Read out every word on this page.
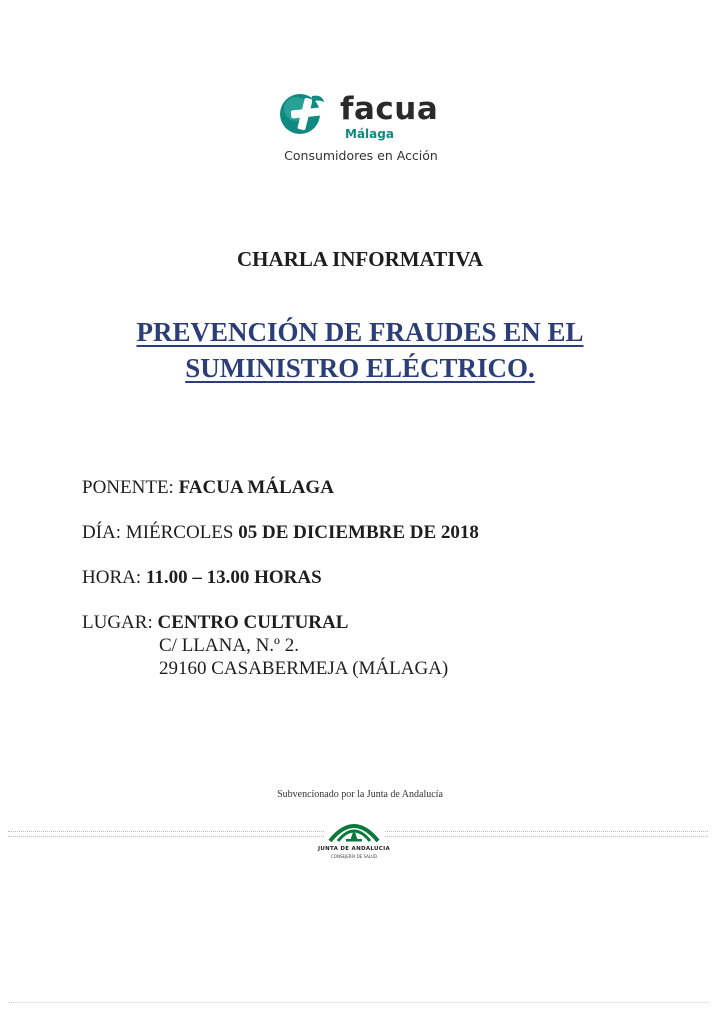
facua
Málaga
Consumidores en Acción
CHARLA INFORMATIVA
PREVENCIÓN DE FRAUDES EN EL
SUMINISTRO ELÉCTRICO.
PONENTE: FACUA MÁLAGA
DÍA: MIÉRCOLES 05 DE DICIEMBRE DE 2018
HORA: 11.00 – 13.00 HORAS
LUGAR: CENTRO CULTURAL
C/ LLANA, N.º 2.
29160 CASABERMEJA (MÁLAGA)
Subvencionado por la Junta de Andalucía
JUNTA DE ANDALUCIA
CONSEJERÍA DE SALUD
